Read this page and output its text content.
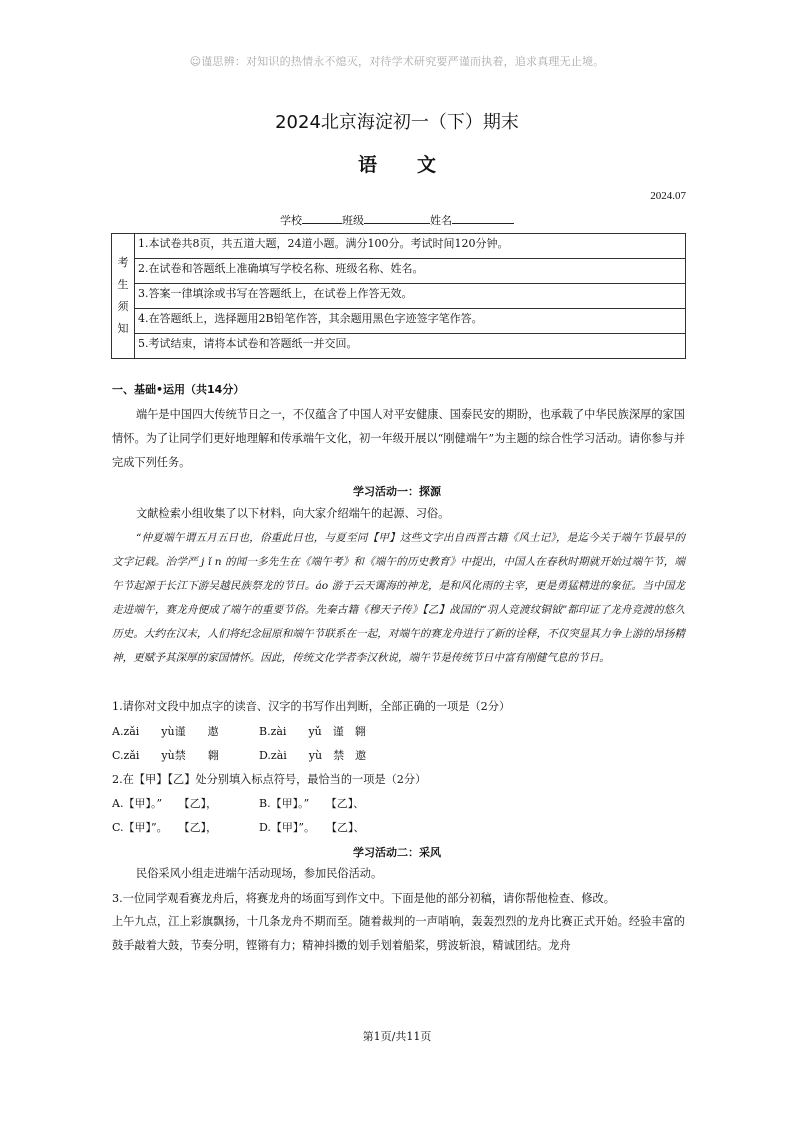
☺谨思辨：对知识的热情永不熄灭，对待学术研究要严谨而执着，追求真理无止境。
2024北京海淀初一（下）期末
语文
2024.07
学校	班级	姓名
考
生
须
知

1.本试卷共8页，共五道大题，24道小题。满分100分。考试时间120分钟。
2.在试卷和答题纸上准确填写学校名称、班级名称、姓名。
3.答案一律填涂或书写在答题纸上，在试卷上作答无效。
4.在答题纸上，选择题用2B铅笔作答，其余题用黑色字迹签字笔作答。
5.考试结束，请将本试卷和答题纸一并交回。
一、基础•运用（共14分）
端午是中国四大传统节日之一，不仅蕴含了中国人对平安健康、国泰民安的期盼，也承载了中华民族深厚的家国情怀。为了让同学们更好地理解和传承端午文化，初一年级开展以“刚健端午”为主题的综合性学习活动。请你参与并完成下列任务。
学习活动一：探源
文献检索小组收集了以下材料，向大家介绍端午的起源、习俗。
“仲夏端午谓五月五日也，俗重此日也，与夏至同【甲】这些文字出自西晋古籍《风土记》，是迄今关于端午节最早的文字记载。治学严 j ǐ n 的闻一多先生在《端午考》和《端午的历史教育》中提出，中国人在春秋时期就开始过端午节，端午节起源于长江下游吴越民族祭龙的节日。áo 游于云天霭海的神龙，是和风化雨的主宰，更是勇猛精进的象征。当中国龙走进端午，赛龙舟便成了端午的重要节俗。先秦古籍《穆天子传》【乙】战国的“羽人竞渡纹铜钺”都印证了龙舟竞渡的悠久历史。大约在汉末，人们将纪念屈原和端午节联系在一起，对端午的赛龙舟进行了新的诠释，不仅突显其力争上游的昂扬精神，更赋予其深厚的家国情怀。因此，传统文化学者李汉秋说，端午节是传统节日中富有刚健气息的节日。
1.请你对文段中加点字的读音、汉字的书写作出判断，全部正确的一项是（2分）
A.zǎi　　yù谨　　遨	B.zài　　yǔ　谨　翱
C.zǎi　　yù禁　　翱	D.zài　　yù　禁　遨
2.在【甲】【乙】处分别填入标点符号，最恰当的一项是（2分）
A.【甲】。”　　【乙】，	B.【甲】。”　　【乙】、
C.【甲】”。　　【乙】，	D.【甲】”。　　【乙】、
学习活动二：采风
民俗采风小组走进端午活动现场，参加民俗活动。
3.一位同学观看赛龙舟后，将赛龙舟的场面写到作文中。下面是他的部分初稿，请你帮他检查、修改。
上午九点，江上彩旗飘扬，十几条龙舟不期而至。随着裁判的一声哨响，轰轰烈烈的龙舟比赛正式开始。经验丰富的鼓手敲着大鼓，节奏分明，铿锵有力；精神抖擞的划手划着船桨，劈波斩浪，精诚团结。龙舟
第1页/共11页
